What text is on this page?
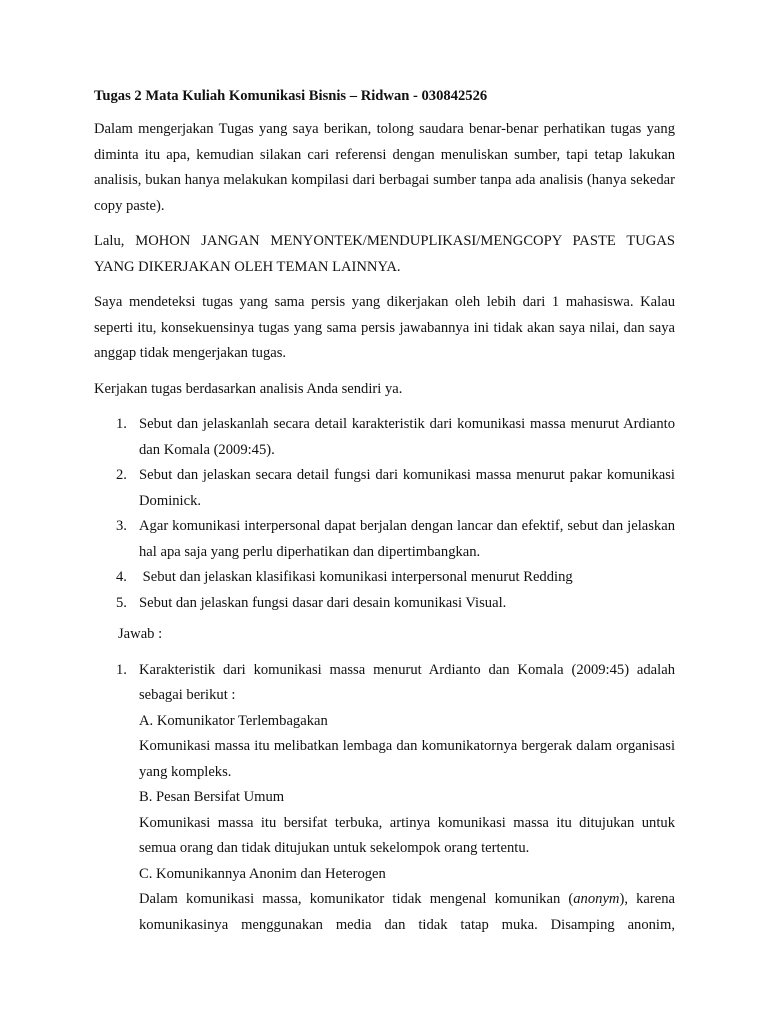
Tugas 2 Mata Kuliah Komunikasi Bisnis – Ridwan - 030842526

Dalam mengerjakan Tugas yang saya berikan, tolong saudara benar-benar perhatikan tugas yang diminta itu apa, kemudian silakan cari referensi dengan menuliskan sumber, tapi tetap lakukan analisis, bukan hanya melakukan kompilasi dari berbagai sumber tanpa ada analisis (hanya sekedar copy paste).

Lalu, MOHON JANGAN MENYONTEK/MENDUPLIKASI/MENGCOPY PASTE TUGAS YANG DIKERJAKAN OLEH TEMAN LAINNYA.

Saya mendeteksi tugas yang sama persis yang dikerjakan oleh lebih dari 1 mahasiswa. Kalau seperti itu, konsekuensinya tugas yang sama persis jawabannya ini tidak akan saya nilai, dan saya anggap tidak mengerjakan tugas.

Kerjakan tugas berdasarkan analisis Anda sendiri ya.

1. Sebut dan jelaskanlah secara detail karakteristik dari komunikasi massa menurut Ardianto dan Komala (2009:45).
2. Sebut dan jelaskan secara detail fungsi dari komunikasi massa menurut pakar komunikasi Dominick.
3. Agar komunikasi interpersonal dapat berjalan dengan lancar dan efektif, sebut dan jelaskan hal apa saja yang perlu diperhatikan dan dipertimbangkan.
4. Sebut dan jelaskan klasifikasi komunikasi interpersonal menurut Redding
5. Sebut dan jelaskan fungsi dasar dari desain komunikasi Visual.
Jawab :
1. Karakteristik dari komunikasi massa menurut Ardianto dan Komala (2009:45) adalah sebagai berikut :
A. Komunikator Terlembagakan
Komunikasi massa itu melibatkan lembaga dan komunikatornya bergerak dalam organisasi yang kompleks.
B. Pesan Bersifat Umum
Komunikasi massa itu bersifat terbuka, artinya komunikasi massa itu ditujukan untuk semua orang dan tidak ditujukan untuk sekelompok orang tertentu.
C. Komunikannya Anonim dan Heterogen
Dalam komunikasi massa, komunikator tidak mengenal komunikan (anonym), karena komunikasinya menggunakan media dan tidak tatap muka. Disamping anonim,
